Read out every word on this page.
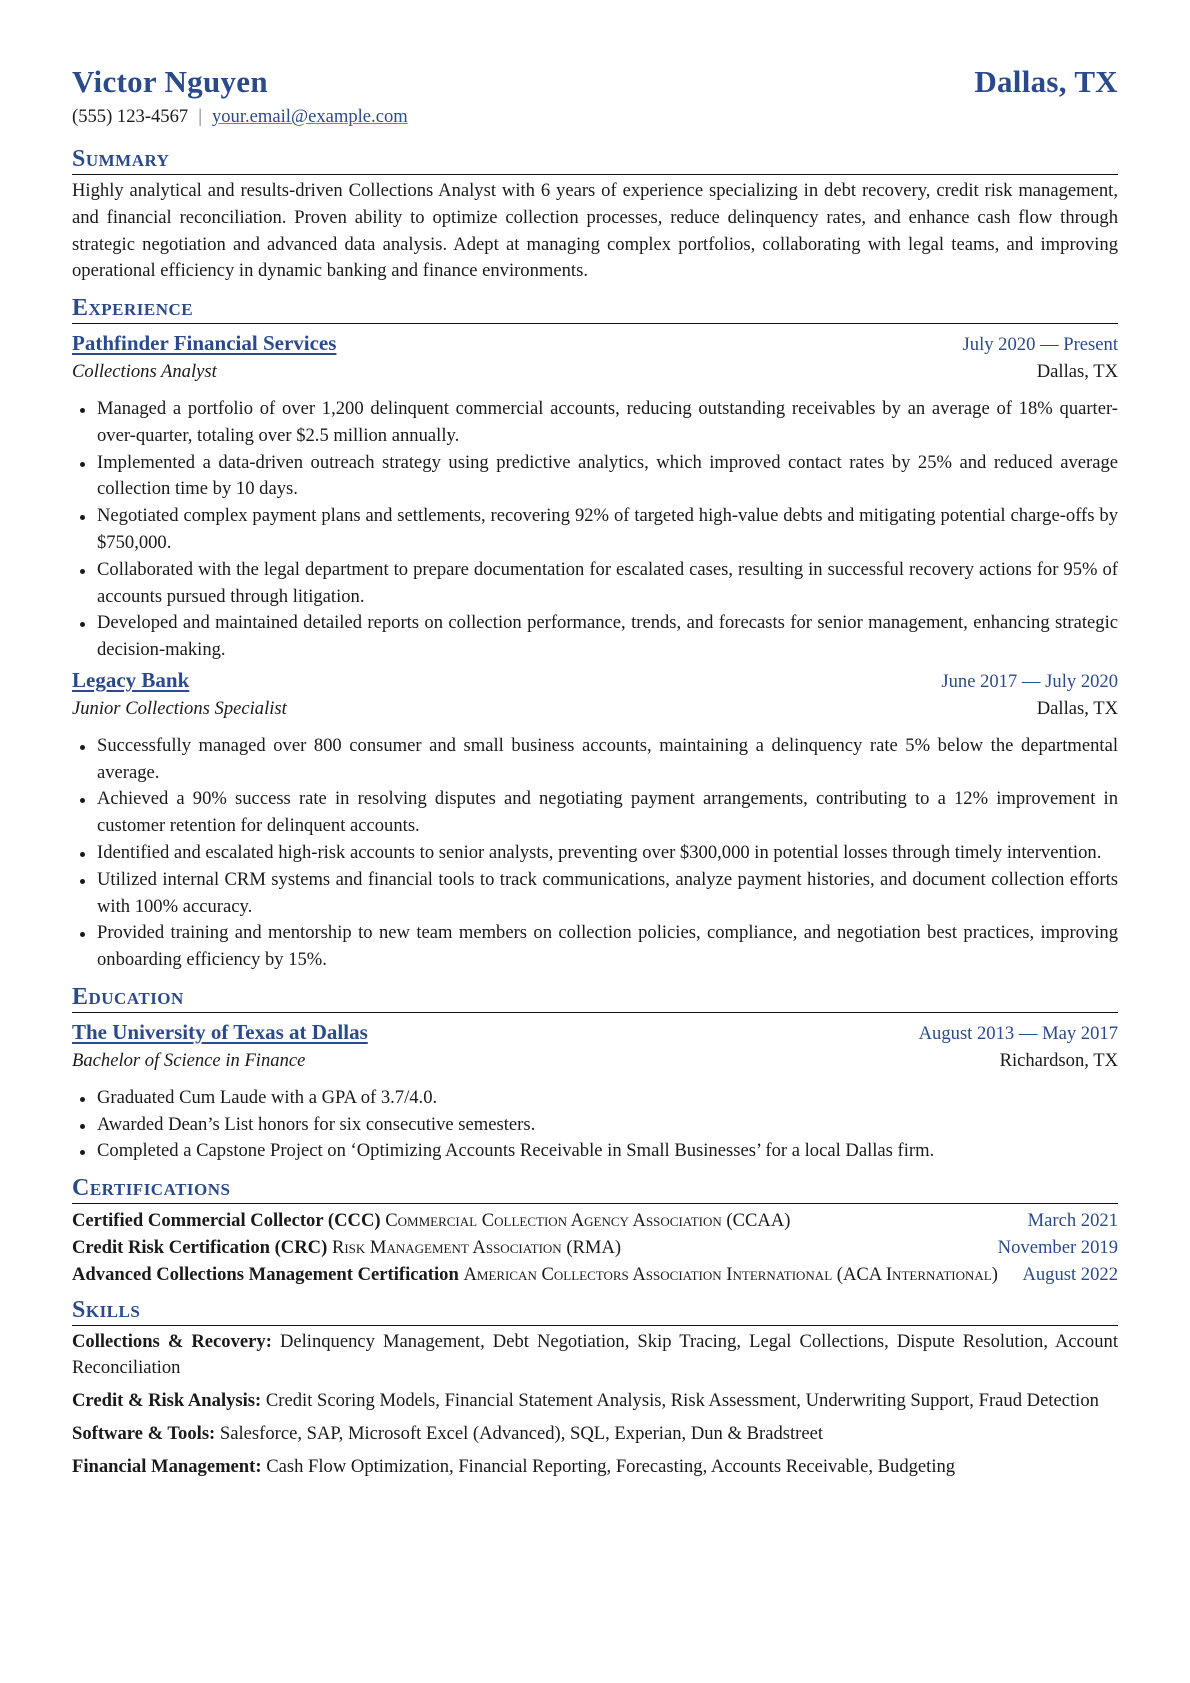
Victor Nguyen	Dallas, TX
(555) 123-4567 | your.email@example.com
Summary

Highly analytical and results-driven Collections Analyst with 6 years of experience specializing in debt recovery, credit risk management, and financial reconciliation. Proven ability to optimize collection processes, reduce delinquency rates, and enhance cash flow through strategic negotiation and advanced data analysis. Adept at managing complex portfolios, collaborating with legal teams, and improving operational efficiency in dynamic banking and finance environments.

Experience
Pathfinder Financial Services	July 2020 — Present
Collections Analyst	Dallas, TX
Managed a portfolio of over 1,200 delinquent commercial accounts, reducing outstanding receivables by an average of 18% quarter-over-quarter, totaling over $2.5 million annually.
Implemented a data-driven outreach strategy using predictive analytics, which improved contact rates by 25% and reduced average collection time by 10 days.
Negotiated complex payment plans and settlements, recovering 92% of targeted high-value debts and mitigating potential charge-offs by $750,000.
Collaborated with the legal department to prepare documentation for escalated cases, resulting in successful recovery actions for 95% of accounts pursued through litigation.
Developed and maintained detailed reports on collection performance, trends, and forecasts for senior management, enhancing strategic decision-making.
Legacy Bank	June 2017 — July 2020
Junior Collections Specialist	Dallas, TX
Successfully managed over 800 consumer and small business accounts, maintaining a delinquency rate 5% below the departmental average.
Achieved a 90% success rate in resolving disputes and negotiating payment arrangements, contributing to a 12% improvement in customer retention for delinquent accounts.
Identified and escalated high-risk accounts to senior analysts, preventing over $300,000 in potential losses through timely intervention.
Utilized internal CRM systems and financial tools to track communications, analyze payment histories, and document collection efforts with 100% accuracy.
Provided training and mentorship to new team members on collection policies, compliance, and negotiation best practices, improving onboarding efficiency by 15%.
Education
The University of Texas at Dallas	August 2013 — May 2017
Bachelor of Science in Finance	Richardson, TX
Graduated Cum Laude with a GPA of 3.7/4.0.
Awarded Dean’s List honors for six consecutive semesters.
Completed a Capstone Project on ‘Optimizing Accounts Receivable in Small Businesses’ for a local Dallas firm.
Certifications
Certified Commercial Collector (CCC) Commercial Collection Agency Association (CCAA)	March 2021
Credit Risk Certification (CRC) Risk Management Association (RMA)	November 2019
Advanced Collections Management Certification American Collectors Association International (ACA International)	August 2022
Skills

Collections & Recovery: Delinquency Management, Debt Negotiation, Skip Tracing, Legal Collections, Dispute Resolution, Account Reconciliation

Credit & Risk Analysis: Credit Scoring Models, Financial Statement Analysis, Risk Assessment, Underwriting Support, Fraud Detection

Software & Tools: Salesforce, SAP, Microsoft Excel (Advanced), SQL, Experian, Dun & Bradstreet

Financial Management: Cash Flow Optimization, Financial Reporting, Forecasting, Accounts Receivable, Budgeting
